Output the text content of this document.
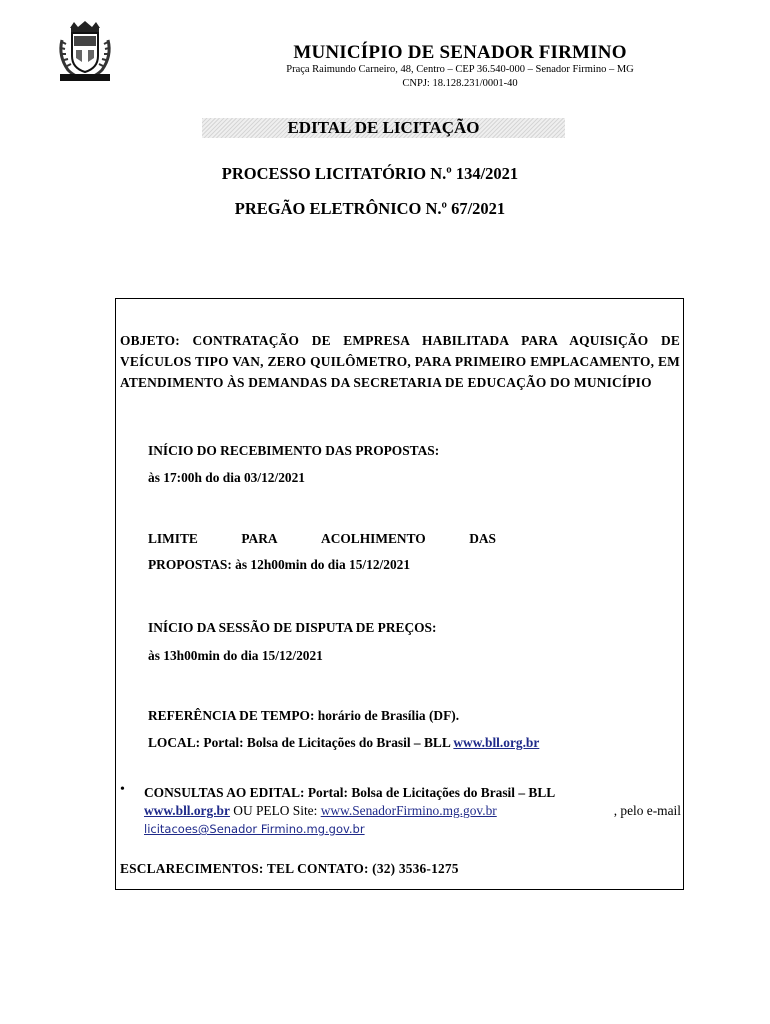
MUNICÍPIO DE SENADOR FIRMINO
Praça Raimundo Carneiro, 48, Centro – CEP 36.540-000 – Senador Firmino – MG
CNPJ: 18.128.231/0001-40
EDITAL DE LICITAÇÃO
PROCESSO LICITATÓRIO N.º 134/2021
PREGÃO ELETRÔNICO N.º 67/2021
OBJETO: CONTRATAÇÃO DE EMPRESA HABILITADA PARA AQUISIÇÃO DE VEÍCULOS TIPO VAN, ZERO QUILÔMETRO, PARA PRIMEIRO EMPLACAMENTO, EM ATENDIMENTO ÀS DEMANDAS DA SECRETARIA DE EDUCAÇÃO DO MUNICÍPIO
INÍCIO DO RECEBIMENTO DAS PROPOSTAS:
às 17:00h do dia 03/12/2021
LIMITE	PARA	ACOLHIMENTO	DAS
PROPOSTAS: às 12h00min do dia 15/12/2021
INÍCIO DA SESSÃO DE DISPUTA DE PREÇOS:
às 13h00min do dia 15/12/2021
REFERÊNCIA DE TEMPO: horário de Brasília (DF).
LOCAL: Portal: Bolsa de Licitações do Brasil – BLL www.bll.org.br
• CONSULTAS AO EDITAL: Portal: Bolsa de Licitações do Brasil – BLL
www.bll.org.br OU PELO Site: www.SenadorFirmino.mg.gov.br	, pelo e-mail
licitacoes@Senador Firmino.mg.gov.br
ESCLARECIMENTOS: TEL CONTATO: (32) 3536-1275
